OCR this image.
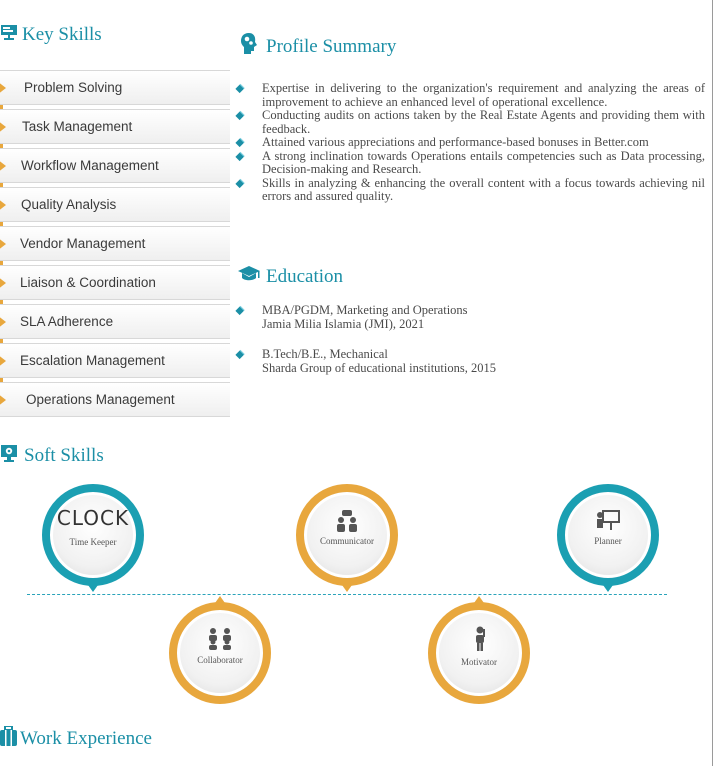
Key Skills
Problem Solving
Task Management
Workflow Management
Quality Analysis
Vendor Management
Liaison & Coordination
SLA Adherence
Escalation Management
Operations Management
Profile Summary
Expertise in delivering to the organization's requirement and analyzing the areas of improvement to achieve an enhanced level of operational excellence.
Conducting audits on actions taken by the Real Estate Agents and providing them with feedback.
Attained various appreciations and performance-based bonuses in Better.com
A strong inclination towards Operations entails competencies such as Data processing, Decision-making and Research.
Skills in analyzing & enhancing the overall content with a focus towards achieving nil errors and assured quality.
Education
MBA/PGDM, Marketing and Operations
Jamia Milia Islamia (JMI), 2021
B.Tech/B.E., Mechanical
Sharda Group of educational institutions, 2015
Soft Skills
CLOCK
Time Keeper	Communicator	Planner
Collaborator	Motivator
Work Experience
